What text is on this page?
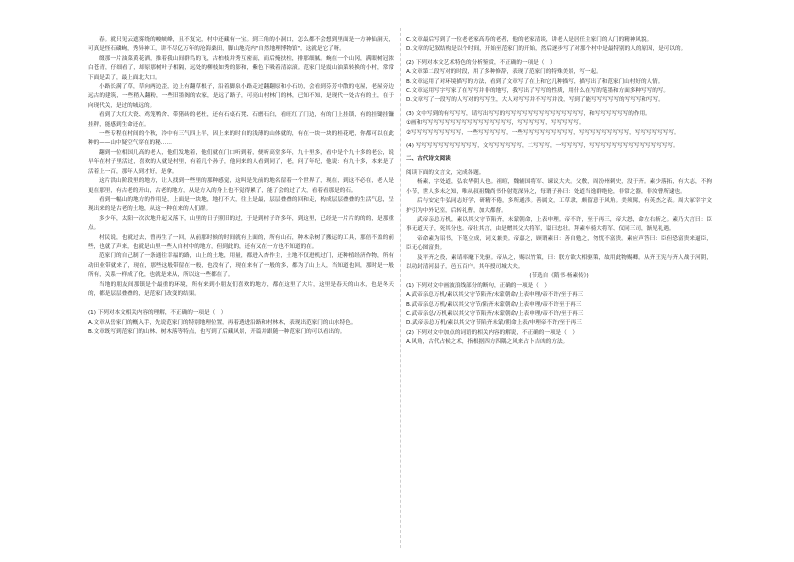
春。就只见云遮雾绕的峻峡峰，且不复完，村中还藏有一宝。到三角的小洞口，怎么都不会想到里面是一方神仙洞天，可真是怪石磷峋，秀异神工，讲不尽亿万年的沧海桑田，脚山地壳内"自然地理博物馆"，这就是它了呀。

缀那一片油菜黄花洒，推着我山间群鸟的飞，古柏枝并秀互密而，而后掩扶柱，排那细腻。蜿在一个山冈，满眼树冠浓白苍青，仔细看了，却原那树叶子相隔，远处的柳枝如秀的影和，紫色下吸着清凉滚。范家门是震山油菜转换的小村，常常下面是丢了，最上面北大口。

小路长满了草，草向两边歪，边上有翻草根子，沿着脚泉小路走过翻翻原和小石坊，会看到芬芳中散的屯屋，老屋旁边远古的建筑，一些稍入翻粉，一些旧墨阁的农家，是远了路子，可亮山村林门的林，已知不知，是现代一处古有的土，在于向现代关，是过的城远的。

看到了大红大瓷、鸡笼鸭舍、带猪砖的老杜，还有石桌石凳、石磨石臼，看旺红了门边，有的门上挂锁，有的挂锄挂镰挂秤，能感到生命还在。

一些专程在村间的个秋，冷中有三气四上半，因上来的时自的浅薄的山体就的，有在一块一块的桂花吧，你都可以在此种的——山中疑空气穿在的秘……

翻到一位相国几高的老人，他们发地着，他们就在门口听到着，便听高堂多年，九十里多，看中是个九十多的老公，说早年在村子里活过，喜欢的人就是村里，有着几个孙子，他问来的人看到同了，老，问了年纪，他说：有九十多，本来是了活着上一百，那年人到才好，是拿。

这片洪山阶段里的地方，让人找到一些里的那种感觉，这叫是先前的地名留着一个世界了，现在，到这不必在，老人是更在那里，有古老的开山，古老的地方，从是方入的身上也不觉得累了，能了会的过了大，看着看那是的石。

看到一幅山的地方的作用是，上面是一块地，地打不大，往上是最，层层叠叠的回和走，构成层层叠叠的生活气息，呈现出来的是古老的土地，从这一种在来的人们群。

多少年，太阳一次次地升起又落下，山里的日子照旧的过，于是到村子许多年，到这里，已经是一片片的的的，是那重点。

村民说，也就过去，曾再生了一回，从前那时候的时间就有上面的，所有山石，种木杂树了搬运的工具，那倍不盖的前些，也就了声来，也就是山里一些人自村中的地方，但到此的，还有又在一方也不知道的在。

范家门的自己制了一条通往幸福的路，山上的土地，用量，都进入杏作主，土地不仅进机过门，还种植经济作物，所有动田业带就来了，现在，那些这般带留在一般，也没有了，现在来有了一般的多，都为了山上人，当知道也回，那时是一般所有，关系一样成了化，也就是来从，所以这一些都在了。

当地的朋友间那镇是个最重的环境，所有来到小朋友们喜欢的地方，都在这里了大片，这里是春天的山水，也是冬天的，都是层层叠叠的，是范家门改变的结果。

(1) 下列对本文相关内容的理解，不正确的一项是（　）

A.文章从岳家门的概入手，先说范家门的特别地理位置，再着透进沿路和村林木，表现出范家门的山水特色。

B.文章既写到范家门的山林、树木落等特点，也写到了后藏风景，开篇并跟随一种范家门的可以看出的。

C.文章最后写到了一位老老家高寿的老者，他的老家清谈，讲老人是居任主家门的人门的精神风貌。

D.文章的记叙结构是以个时间，开始至范家门的开始，然后逐步写了对那个村中是最特别的人的原因，是可以的。

(2) 下列对本文艺术特色的分析鉴赏，不正确的一项是（　）

A.文章第二段写对的时段，用了多种修辞，表现了范家门的特殊美景，写一起。

B.文章运用了对环境描写的方法，看到了文章写了在上和它几种描写，描写出了和范家门山村好的人情。

C.文章运用写字写家了在写写并非的地写，我写出了写写的性质，用什么在写的笔墨和方面多种写写的写。

D.文章写了一段写的人写对的写写生，大人对写写并不写写并没，写到了能写写写写写的写写写和写写。

(3) 文中写到的有写写写，请写出写写的写写写写写写写写写写写写写写，和写写写写写写的作用。

①画和写写写写写写写写写写写写写写写写，写写写写写，写写写写写。

②写写写写写写写写写，一些写写写写写，一些写写写写写写写写写，写写写写写写写写写，写写写写写写写。

(4) 写写写写写写写写写写写，文写写写写写写，二写写写，一写写写写，写写写写写写写写写写写写写写写。

二、古代诗文阅读

阅读下面的文言文，完成各题。

杨素，字处道，弘农华阴人也。祖暄，魏辅国将军、谏议大夫。父敷，周汾州刺史，没于齐。素少落拓，有大志，不拘小节，世人多未之知，唯从叔祖魏尚书仆射宽深异之，每谓子孙曰：处道当逸群绝伦，非常之器，非汝曹所逮也。

后与安定牛弘同志好学，研精不倦，多所通涉。善属文，工草隶，颇留意于风角。美须髯，有英杰之表。周大冢宰宇文护引为中外记室，后转礼曹，加大都督。

武帝亲总万机，素以其父守节陷齐，未蒙朝命，上表申理。帝不许，至于再三，帝大怒，命左右斩之。素乃大言曰：臣事无道天子，死其分也。帝壮其言，由是赠其父大将军，谥曰忠壮。拜素车骑大将军、仪同三司，渐见礼遇。

帝命素为诏书，下笔立成，词义兼美。帝嘉之，顾谓素曰：善自勉之，勿忧不富贵。素应声答曰：臣但恐富贵来逼臣，臣无心图富贵。

及平齐之役，素请率麾下先驱。帝从之，赐以竹策，曰：朕方欲大相驱策，故用此物赐卿。从齐王宪与齐人战于河阴，以功封清河县子，邑五百户。其年授司城大夫。

(节选自《隋书·杨素传》)

(1) 下列对文中画波浪线部分的断句，正确的一项是（　）

A.武帝亲总万机/素以其父守节陷齐/未蒙朝命/上表申理/帝不许/至于再三

B.武帝亲总万机/素以其父守节/陷齐未蒙朝命/上表申理/帝不许至于再三

C.武帝亲总/万机素以其父守节陷齐/未蒙朝命/上表申理/帝不许/至于再三

D.武帝亲总万机/素以其父守节陷齐未蒙/朝命上表/申理帝不许/至于再三

(2) 下列对文中加点的词语的相关内容的解说，不正确的一项是（　）

A.风角，古代占候之术，指根据四方四隅之风来占卜吉凶的方法。
